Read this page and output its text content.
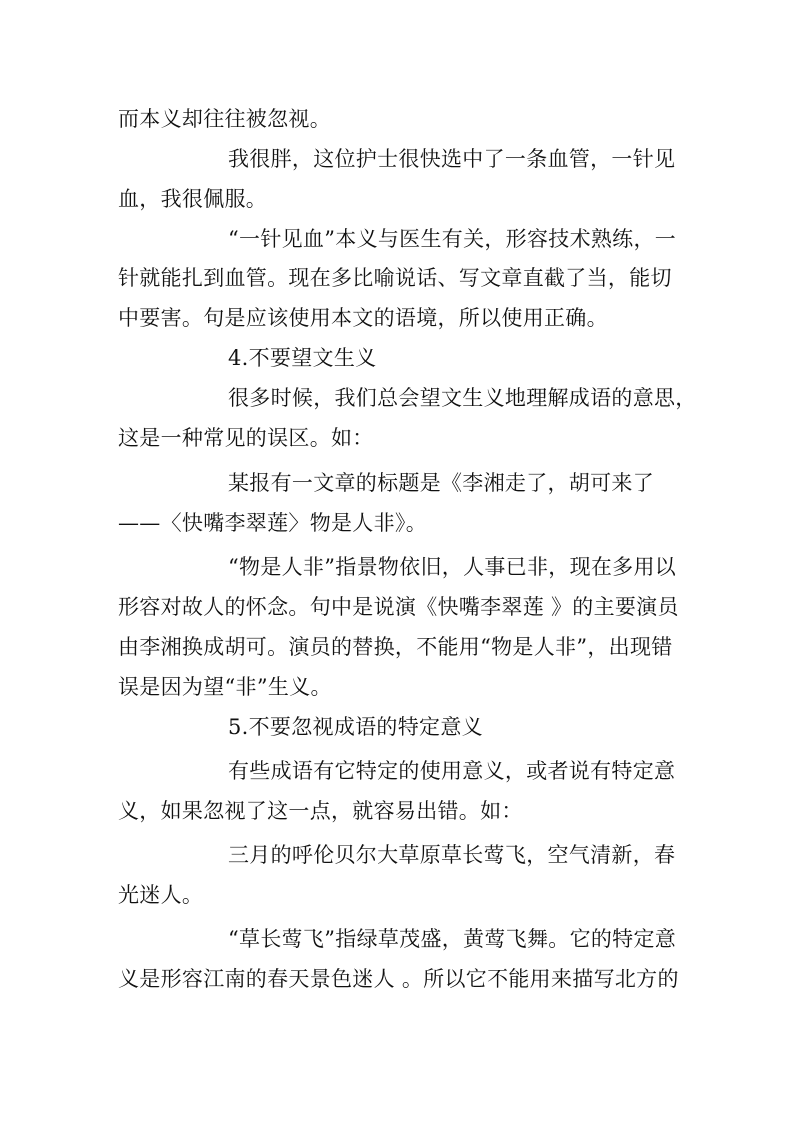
而本义却往往被忽视。
我很胖，这位护士很快选中了一条血管，一针见
血，我很佩服。
“一针见血”本义与医生有关，形容技术熟练，一
针就能扎到血管。现在多比喻说话、写文章直截了当，能切
中要害。句是应该使用本文的语境，所以使用正确。
4.不要望文生义
很多时候，我们总会望文生义地理解成语的意思，
这是一种常见的误区。如：
某报有一文章的标题是《李湘走了，胡可来了
——〈快嘴李翠莲〉物是人非》。
“物是人非”指景物依旧，人事已非，现在多用以
形容对故人的怀念。句中是说演《快嘴李翠莲 》的主要演员
由李湘换成胡可。演员的替换，不能用“物是人非”，出现错
误是因为望“非”生义。
5.不要忽视成语的特定意义
有些成语有它特定的使用意义，或者说有特定意
义，如果忽视了这一点，就容易出错。如：
三月的呼伦贝尔大草原草长莺飞，空气清新，春
光迷人。
“草长莺飞”指绿草茂盛，黄莺飞舞。它的特定意
义是形容江南的春天景色迷人 。所以它不能用来描写北方的
